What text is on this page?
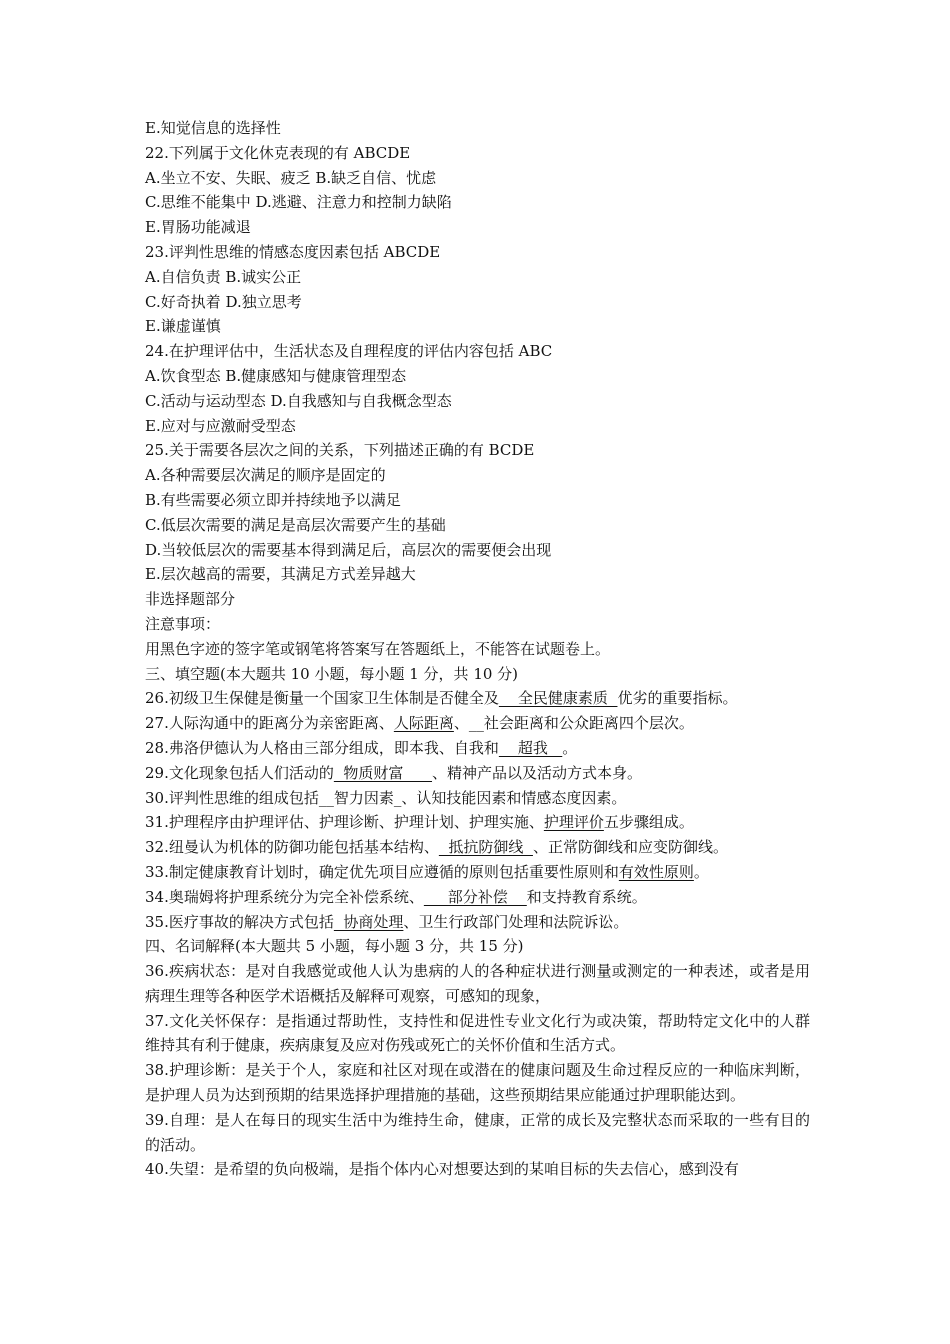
E.知觉信息的选择性
22.下列属于文化休克表现的有 ABCDE
A.坐立不安、失眠、疲乏 B.缺乏自信、忧虑
C.思维不能集中 D.逃避、注意力和控制力缺陷
E.胃肠功能减退
23.评判性思维的情感态度因素包括 ABCDE
A.自信负责 B.诚实公正
C.好奇执着 D.独立思考
E.谦虚谨慎
24.在护理评估中，生活状态及自理程度的评估内容包括 ABC
A.饮食型态 B.健康感知与健康管理型态
C.活动与运动型态 D.自我感知与自我概念型态
E.应对与应激耐受型态
25.关于需要各层次之间的关系，下列描述正确的有 BCDE
A.各种需要层次满足的顺序是固定的
B.有些需要必须立即并持续地予以满足
C.低层次需要的满足是高层次需要产生的基础
D.当较低层次的需要基本得到满足后，高层次的需要便会出现
E.层次越高的需要，其满足方式差异越大
非选择题部分
注意事项：
用黑色字迹的签字笔或钢笔将答案写在答题纸上，不能答在试题卷上。
三、填空题(本大题共 10 小题，每小题 1 分，共 10 分)
26.初级卫生保健是衡量一个国家卫生体制是否健全及    全民健康素质  优劣的重要指标。
27.人际沟通中的距离分为亲密距离、人际距离、__社会距离和公众距离四个层次。
28.弗洛伊德认为人格由三部分组成，即本我、自我和    超我   。
29.文化现象包括人们活动的  物质财富      、精神产品以及活动方式本身。
30.评判性思维的组成包括__智力因素_、认知技能因素和情感态度因素。
31.护理程序由护理评估、护理诊断、护理计划、护理实施、护理评价五步骤组成。
32.纽曼认为机体的防御功能包括基本结构、  抵抗防御线  、正常防御线和应变防御线。
33.制定健康教育计划时，确定优先项目应遵循的原则包括重要性原则和有效性原则。
34.奥瑞姆将护理系统分为完全补偿系统、     部分补偿    和支持教育系统。
35.医疗事故的解决方式包括  协商处理、卫生行政部门处理和法院诉讼。
四、名词解释(本大题共 5 小题，每小题 3 分，共 15 分)
36.疾病状态：是对自我感觉或他人认为患病的人的各种症状进行测量或测定的一种表述，或者是用病理生理等各种医学术语概括及解释可观察，可感知的现象，
37.文化关怀保存：是指通过帮助性，支持性和促进性专业文化行为或决策，帮助特定文化中的人群维持其有利于健康，疾病康复及应对伤残或死亡的关怀价值和生活方式。
38.护理诊断：是关于个人，家庭和社区对现在或潜在的健康问题及生命过程反应的一种临床判断，是护理人员为达到预期的结果选择护理措施的基础，这些预期结果应能通过护理职能达到。
39.自理：是人在每日的现实生活中为维持生命，健康，正常的成长及完整状态而采取的一些有目的的活动。
40.失望：是希望的负向极端，是指个体内心对想要达到的某咱目标的失去信心，感到没有
